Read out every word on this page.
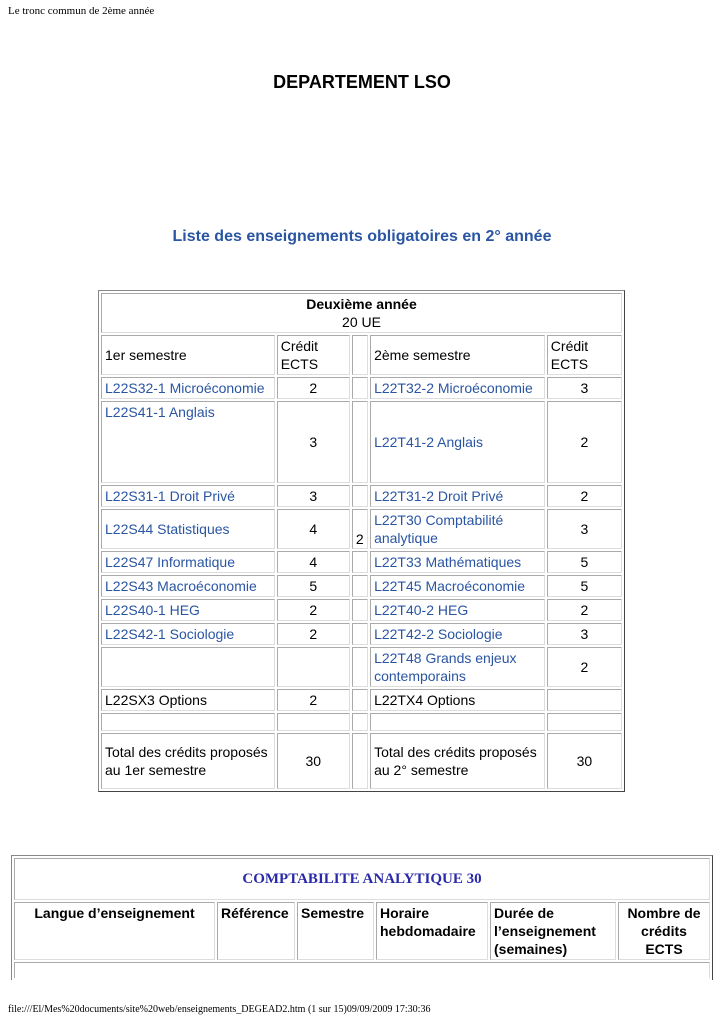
Le tronc commun de 2ème année
DEPARTEMENT LSO
Liste des enseignements obligatoires en 2° année
Deuxième année
20 UE				
1er semestre	Crédit ECTS		2ème semestre	Crédit ECTS
L22S32-1 Microéconomie	2		L22T32-2 Microéconomie	3
L22S41-1 Anglais	3		L22T41-2 Anglais	2
L22S31-1 Droit Privé	3		L22T31-2 Droit Privé	2
L22S44 Statistiques	4	2	L22T30 Comptabilité analytique	3
L22S47 Informatique	4		L22T33 Mathématiques	5
L22S43 Macroéconomie	5		L22T45 Macroéconomie	5
L22S40-1 HEG	2		L22T40-2 HEG	2
L22S42-1 Sociologie	2		L22T42-2 Sociologie	3
			L22T48 Grands enjeux contemporains	2
L22SX3 Options	2		L22TX4 Options	

Total des crédits proposés au 1er semestre	30		Total des crédits proposés au 2° semestre	30
COMPTABILITE ANALYTIQUE 30
Langue d’enseignement	Référence	Semestre	Horaire hebdomadaire	Durée de l’enseignement (semaines)	Nombre de crédits ECTS

file:///El/Mes%20documents/site%20web/enseignements_DEGEAD2.htm (1 sur 15)09/09/2009 17:30:36
